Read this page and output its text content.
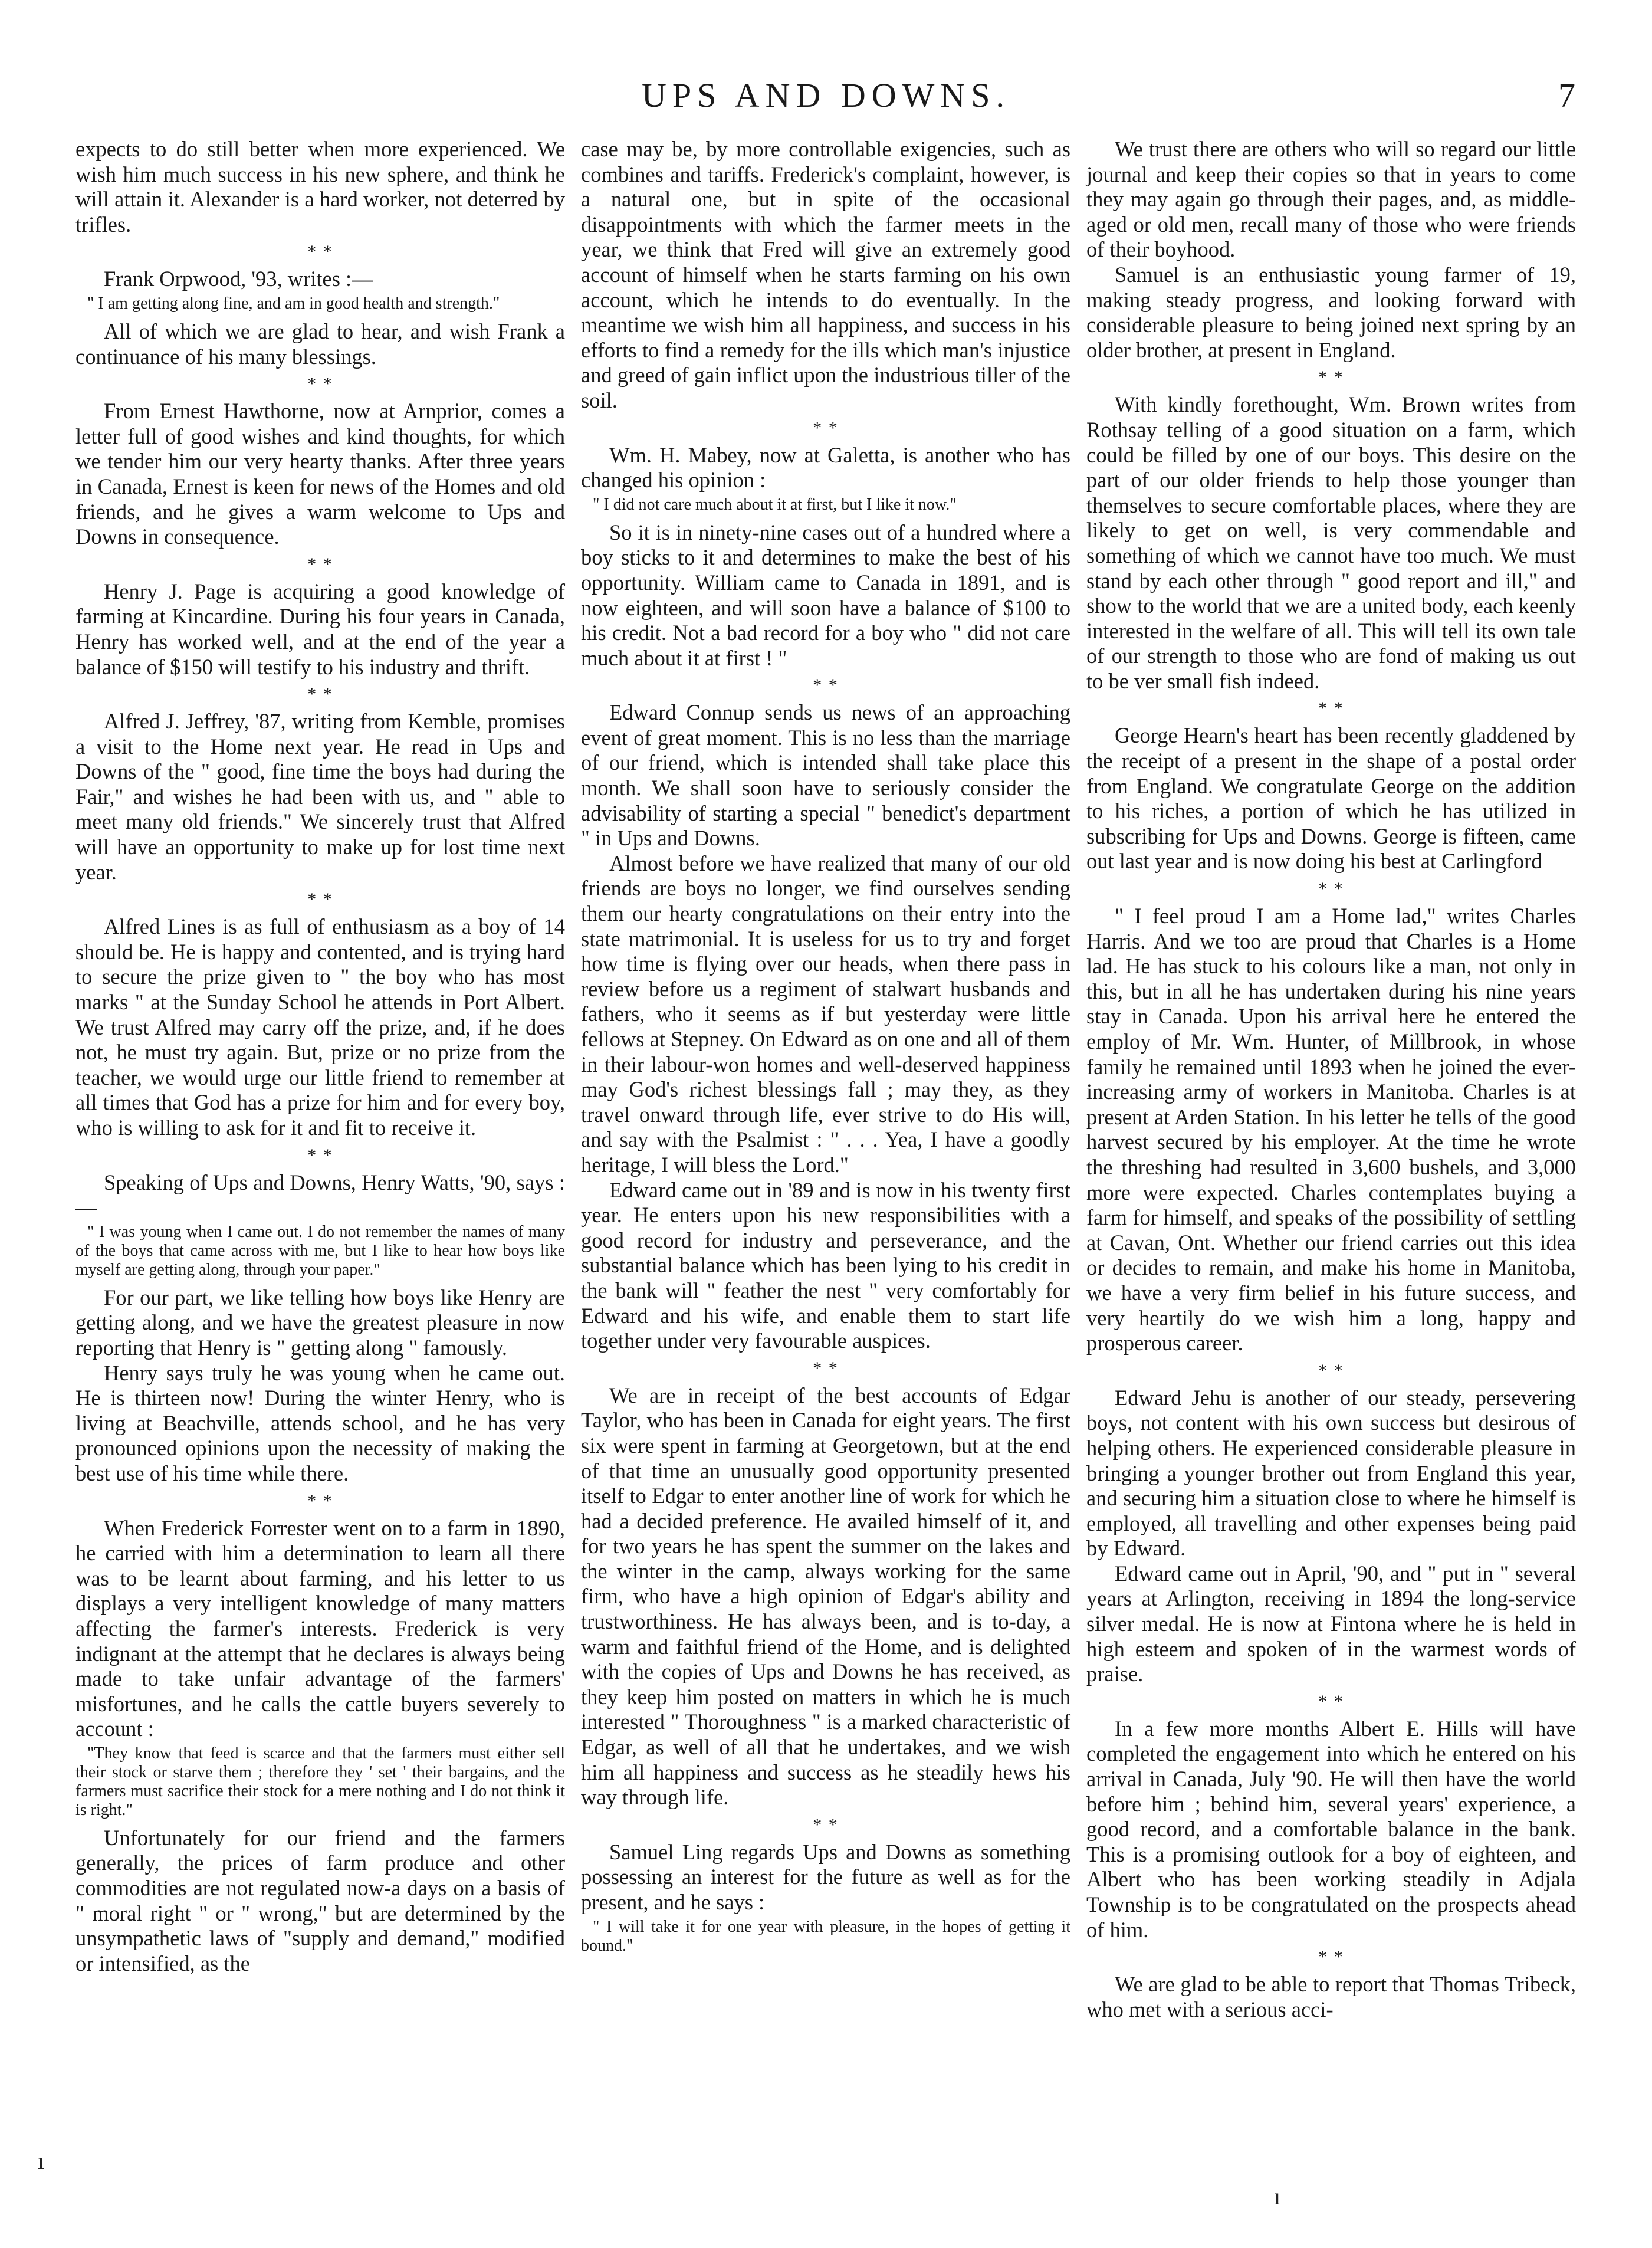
UPS AND DOWNS.	7

expects to do still better when more experienced. We wish him much success in his new sphere, and think he will attain it. Alexander is a hard worker, not deterred by trifles.

* *

Frank Orpwood, '93, writes :—

" I am getting along fine, and am in good health and strength."

All of which we are glad to hear, and wish Frank a continuance of his many blessings.

* *

From Ernest Hawthorne, now at Arnprior, comes a letter full of good wishes and kind thoughts, for which we tender him our very hearty thanks. After three years in Canada, Ernest is keen for news of the Homes and old friends, and he gives a warm welcome to Ups and Downs in consequence.

* *

Henry J. Page is acquiring a good knowledge of farming at Kincardine. During his four years in Canada, Henry has worked well, and at the end of the year a balance of $150 will testify to his industry and thrift.

* *

Alfred J. Jeffrey, '87, writing from Kemble, promises a visit to the Home next year. He read in Ups and Downs of the " good, fine time the boys had during the Fair," and wishes he had been with us, and " able to meet many old friends." We sincerely trust that Alfred will have an opportunity to make up for lost time next year.

* *

Alfred Lines is as full of enthusiasm as a boy of 14 should be. He is happy and contented, and is trying hard to secure the prize given to " the boy who has most marks " at the Sunday School he attends in Port Albert. We trust Alfred may carry off the prize, and, if he does not, he must try again. But, prize or no prize from the teacher, we would urge our little friend to remember at all times that God has a prize for him and for every boy, who is willing to ask for it and fit to receive it.

* *

Speaking of Ups and Downs, Henry Watts, '90, says :—

" I was young when I came out. I do not remember the names of many of the boys that came across with me, but I like to hear how boys like myself are getting along, through your paper."

For our part, we like telling how boys like Henry are getting along, and we have the greatest pleasure in now reporting that Henry is " getting along " famously.

Henry says truly he was young when he came out. He is thirteen now! During the winter Henry, who is living at Beachville, attends school, and he has very pronounced opinions upon the necessity of making the best use of his time while there.

* *

When Frederick Forrester went on to a farm in 1890, he carried with him a determination to learn all there was to be learnt about farming, and his letter to us displays a very intelligent knowledge of many matters affecting the farmer's interests. Frederick is very indignant at the attempt that he declares is always being made to take unfair advantage of the farmers' misfortunes, and he calls the cattle buyers severely to account :

"They know that feed is scarce and that the farmers must either sell their stock or starve them ; therefore they ' set ' their bargains, and the farmers must sacrifice their stock for a mere nothing and I do not think it is right."

Unfortunately for our friend and the farmers generally, the prices of farm produce and other commodities are not regulated now-a days on a basis of " moral right " or " wrong," but are determined by the unsympathetic laws of "supply and demand," modified or intensified, as the

case may be, by more controllable exigencies, such as combines and tariffs. Frederick's complaint, however, is a natural one, but in spite of the occasional disappointments with which the farmer meets in the year, we think that Fred will give an extremely good account of himself when he starts farming on his own account, which he intends to do eventually. In the meantime we wish him all happiness, and success in his efforts to find a remedy for the ills which man's injustice and greed of gain inflict upon the industrious tiller of the soil.

* *

Wm. H. Mabey, now at Galetta, is another who has changed his opinion :

" I did not care much about it at first, but I like it now."

So it is in ninety-nine cases out of a hundred where a boy sticks to it and determines to make the best of his opportunity. William came to Canada in 1891, and is now eighteen, and will soon have a balance of $100 to his credit. Not a bad record for a boy who " did not care much about it at first ! "

* *

Edward Connup sends us news of an approaching event of great moment. This is no less than the marriage of our friend, which is intended shall take place this month. We shall soon have to seriously consider the advisability of starting a special " benedict's department " in Ups and Downs.

Almost before we have realized that many of our old friends are boys no longer, we find ourselves sending them our hearty congratulations on their entry into the state matrimonial. It is useless for us to try and forget how time is flying over our heads, when there pass in review before us a regiment of stalwart husbands and fathers, who it seems as if but yesterday were little fellows at Stepney. On Edward as on one and all of them in their labour-won homes and well-deserved happiness may God's richest blessings fall ; may they, as they travel onward through life, ever strive to do His will, and say with the Psalmist : " . . . Yea, I have a goodly heritage, I will bless the Lord."

Edward came out in '89 and is now in his twenty first year. He enters upon his new responsibilities with a good record for industry and perseverance, and the substantial balance which has been lying to his credit in the bank will " feather the nest " very comfortably for Edward and his wife, and enable them to start life together under very favourable auspices.

* *

We are in receipt of the best accounts of Edgar Taylor, who has been in Canada for eight years. The first six were spent in farming at Georgetown, but at the end of that time an unusually good opportunity presented itself to Edgar to enter another line of work for which he had a decided preference. He availed himself of it, and for two years he has spent the summer on the lakes and the winter in the camp, always working for the same firm, who have a high opinion of Edgar's ability and trustworthiness. He has always been, and is to-day, a warm and faithful friend of the Home, and is delighted with the copies of Ups and Downs he has received, as they keep him posted on matters in which he is much interested " Thoroughness " is a marked characteristic of Edgar, as well of all that he undertakes, and we wish him all happiness and success as he steadily hews his way through life.

* *

Samuel Ling regards Ups and Downs as something possessing an interest for the future as well as for the present, and he says :

" I will take it for one year with pleasure, in the hopes of getting it bound."

We trust there are others who will so regard our little journal and keep their copies so that in years to come they may again go through their pages, and, as middle-aged or old men, recall many of those who were friends of their boyhood.

Samuel is an enthusiastic young farmer of 19, making steady progress, and looking forward with considerable pleasure to being joined next spring by an older brother, at present in England.

* *

With kindly forethought, Wm. Brown writes from Rothsay telling of a good situation on a farm, which could be filled by one of our boys. This desire on the part of our older friends to help those younger than themselves to secure comfortable places, where they are likely to get on well, is very commendable and something of which we cannot have too much. We must stand by each other through " good report and ill," and show to the world that we are a united body, each keenly interested in the welfare of all. This will tell its own tale of our strength to those who are fond of making us out to be ver small fish indeed.

* *

George Hearn's heart has been recently gladdened by the receipt of a present in the shape of a postal order from England. We congratulate George on the addition to his riches, a portion of which he has utilized in subscribing for Ups and Downs. George is fifteen, came out last year and is now doing his best at Carlingford

* *

" I feel proud I am a Home lad," writes Charles Harris. And we too are proud that Charles is a Home lad. He has stuck to his colours like a man, not only in this, but in all he has undertaken during his nine years stay in Canada. Upon his arrival here he entered the employ of Mr. Wm. Hunter, of Millbrook, in whose family he remained until 1893 when he joined the ever-increasing army of workers in Manitoba. Charles is at present at Arden Station. In his letter he tells of the good harvest secured by his employer. At the time he wrote the threshing had resulted in 3,600 bushels, and 3,000 more were expected. Charles contemplates buying a farm for himself, and speaks of the possibility of settling at Cavan, Ont. Whether our friend carries out this idea or decides to remain, and make his home in Manitoba, we have a very firm belief in his future success, and very heartily do we wish him a long, happy and prosperous career.

* *

Edward Jehu is another of our steady, persevering boys, not content with his own success but desirous of helping others. He experienced considerable pleasure in bringing a younger brother out from England this year, and securing him a situation close to where he himself is employed, all travelling and other expenses being paid by Edward.

Edward came out in April, '90, and " put in " several years at Arlington, receiving in 1894 the long-service silver medal. He is now at Fintona where he is held in high esteem and spoken of in the warmest words of praise.

* *

In a few more months Albert E. Hills will have completed the engagement into which he entered on his arrival in Canada, July '90. He will then have the world before him ; behind him, several years' experience, a good record, and a comfortable balance in the bank. This is a promising outlook for a boy of eighteen, and Albert who has been working steadily in Adjala Township is to be congratulated on the prospects ahead of him.

* *

We are glad to be able to report that Thomas Tribeck, who met with a serious acci-

ı
ı
